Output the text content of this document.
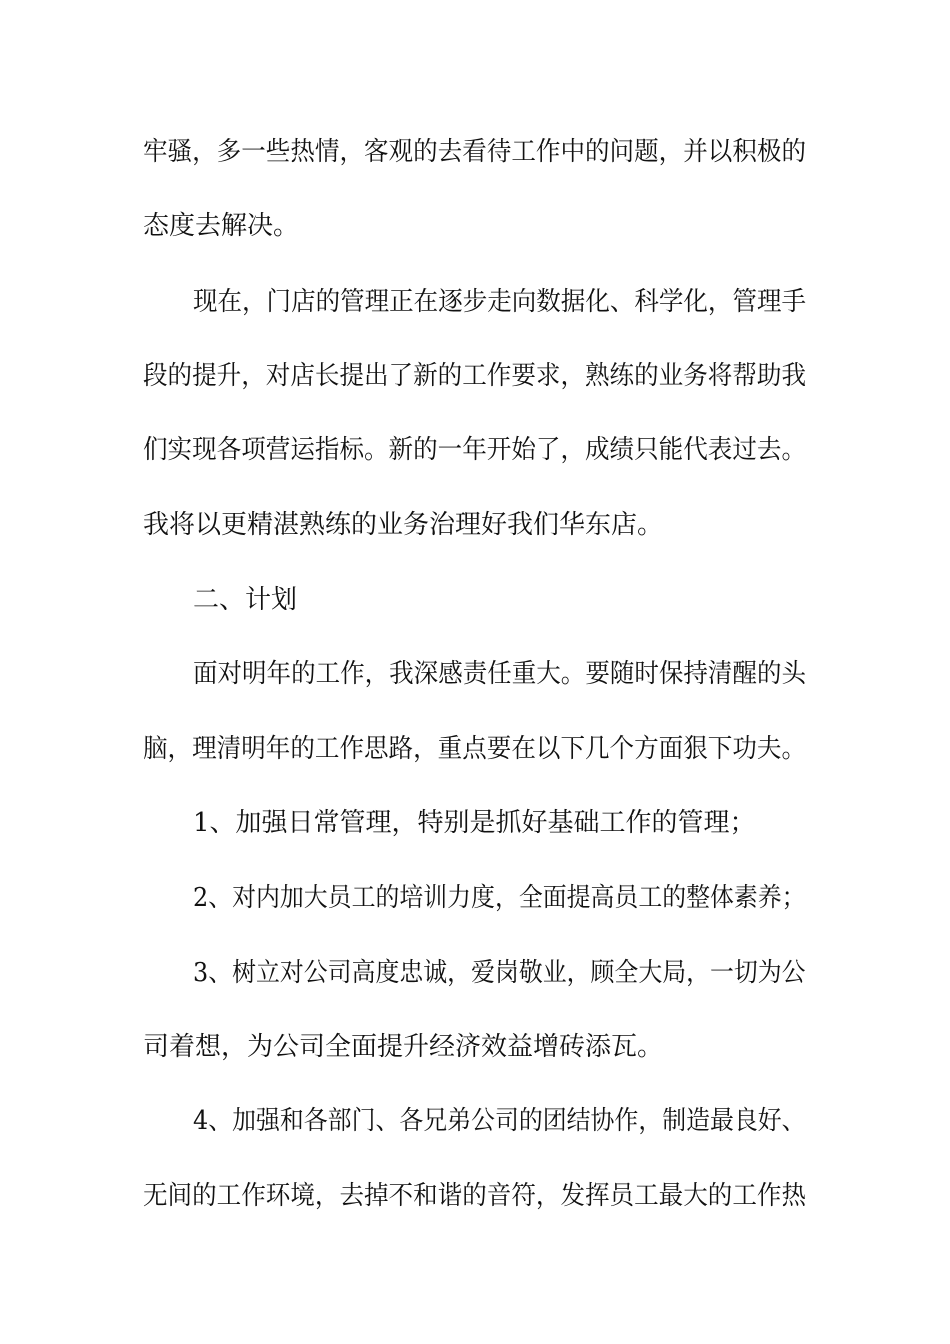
牢骚，多一些热情，客观的去看待工作中的问题，并以积极的
态度去解决。
现在，门店的管理正在逐步走向数据化、科学化，管理手
段的提升，对店长提出了新的工作要求，熟练的业务将帮助我
们实现各项营运指标。新的一年开始了，成绩只能代表过去。
我将以更精湛熟练的业务治理好我们华东店。
二、计划
面对明年的工作，我深感责任重大。要随时保持清醒的头
脑，理清明年的工作思路，重点要在以下几个方面狠下功夫。
1、加强日常管理，特别是抓好基础工作的管理；
2、对内加大员工的培训力度，全面提高员工的整体素养；
3、树立对公司高度忠诚，爱岗敬业，顾全大局，一切为公
司着想，为公司全面提升经济效益增砖添瓦。
4、加强和各部门、各兄弟公司的团结协作，制造最良好、
无间的工作环境，去掉不和谐的音符，发挥员工最大的工作热
